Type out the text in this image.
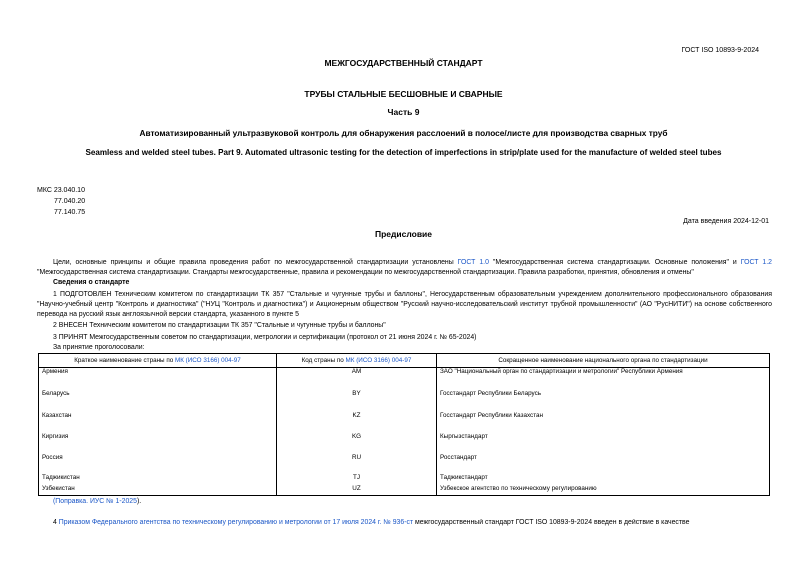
ГОСТ ISO 10893-9-2024
МЕЖГОСУДАРСТВЕННЫЙ СТАНДАРТ
ТРУБЫ СТАЛЬНЫЕ БЕСШОВНЫЕ И СВАРНЫЕ
Часть 9
Автоматизированный ультразвуковой контроль для обнаружения расслоений в полосе/листе для производства сварных труб
Seamless and welded steel tubes. Part 9. Automated ultrasonic testing for the detection of imperfections in strip/plate used for the manufacture of welded steel tubes
МКС 23.040.10
77.040.20
77.140.75
Дата введения 2024-12-01
Предисловие
Цели, основные принципы и общие правила проведения работ по межгосударственной стандартизации установлены ГОСТ 1.0 "Межгосударственная система стандартизации. Основные положения" и ГОСТ 1.2 "Межгосударственная система стандартизации. Стандарты межгосударственные, правила и рекомендации по межгосударственной стандартизации. Правила разработки, принятия, обновления и отмены"
Сведения о стандарте
1 ПОДГОТОВЛЕН Техническим комитетом по стандартизации ТК 357 "Стальные и чугунные трубы и баллоны", Негосударственным образовательным учреждением дополнительного профессионального образования "Научно-учебный центр "Контроль и диагностика" ("НУЦ "Контроль и диагностика") и Акционерным обществом "Русский научно-исследовательский институт трубной промышленности" (АО "РусНИТИ") на основе собственного перевода на русский язык англоязычной версии стандарта, указанного в пункте 5
2 ВНЕСЕН Техническим комитетом по стандартизации ТК 357 "Стальные и чугунные трубы и баллоны"
3 ПРИНЯТ Межгосударственным советом по стандартизации, метрологии и сертификации (протокол от 21 июня 2024 г. № 65-2024)
За принятие проголосовали:
Краткое наименование страны по МК (ИСО 3166) 004-97	Код страны по МК (ИСО 3166) 004-97	Сокращенное наименование национального органа по стандартизации
Армения	AM	ЗАО "Национальный орган по стандартизации и метрологии" Республики Армения
Беларусь	BY	Госстандарт Республики Беларусь
Казахстан	KZ	Госстандарт Республики Казахстан
Киргизия	KG	Кыргызстандарт
Россия	RU	Росстандарт
Таджикистан	TJ	Таджикстандарт
Узбекистан	UZ	Узбекское агентство по техническому регулированию
(Поправка. ИУС № 1-2025).
4 Приказом Федерального агентства по техническому регулированию и метрологии от 17 июля 2024 г. № 936-ст межгосударственный стандарт ГОСТ ISO 10893-9-2024 введен в действие в качестве
